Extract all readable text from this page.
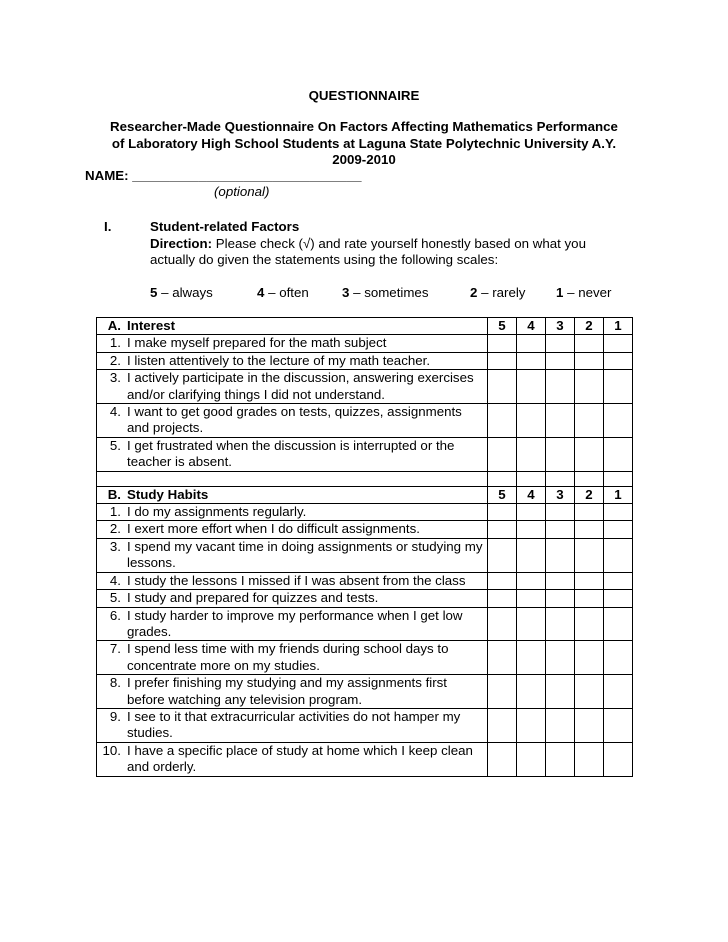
QUESTIONNAIRE
Researcher-Made Questionnaire On Factors Affecting Mathematics Performance
of Laboratory High School Students at Laguna State Polytechnic University A.Y.
2009-2010
NAME: _______________________________
(optional)
I.	Student-related Factors
Direction: Please check (√) and rate yourself honestly based on what you
actually do given the statements using the following scales:
5 – always	4 – often 3 – sometimes	2 – rarely 1 – never
A. Interest	5	4	3	2	1

1. I make myself prepared for the math subject					

2. I listen attentively to the lecture of my math teacher.					

3. I actively participate in the discussion, answering exercises and/or clarifying things I did not understand.					

4. I want to get good grades on tests, quizzes, assignments and projects.					

5. I get frustrated when the discussion is interrupted or the teacher is absent.					

B. Study Habits	5	4	3	2	1

1. I do my assignments regularly.					

2. I exert more effort when I do difficult assignments.					

3. I spend my vacant time in doing assignments or studying my lessons.					

4. I study the lessons I missed if I was absent from the class					

5. I study and prepared for quizzes and tests.					

6. I study harder to improve my performance when I get low grades.					

7. I spend less time with my friends during school days to concentrate more on my studies.					

8. I prefer finishing my studying and my assignments first before watching any television program.					

9. I see to it that extracurricular activities do not hamper my studies.					

10. I have a specific place of study at home which I keep clean and orderly.					
